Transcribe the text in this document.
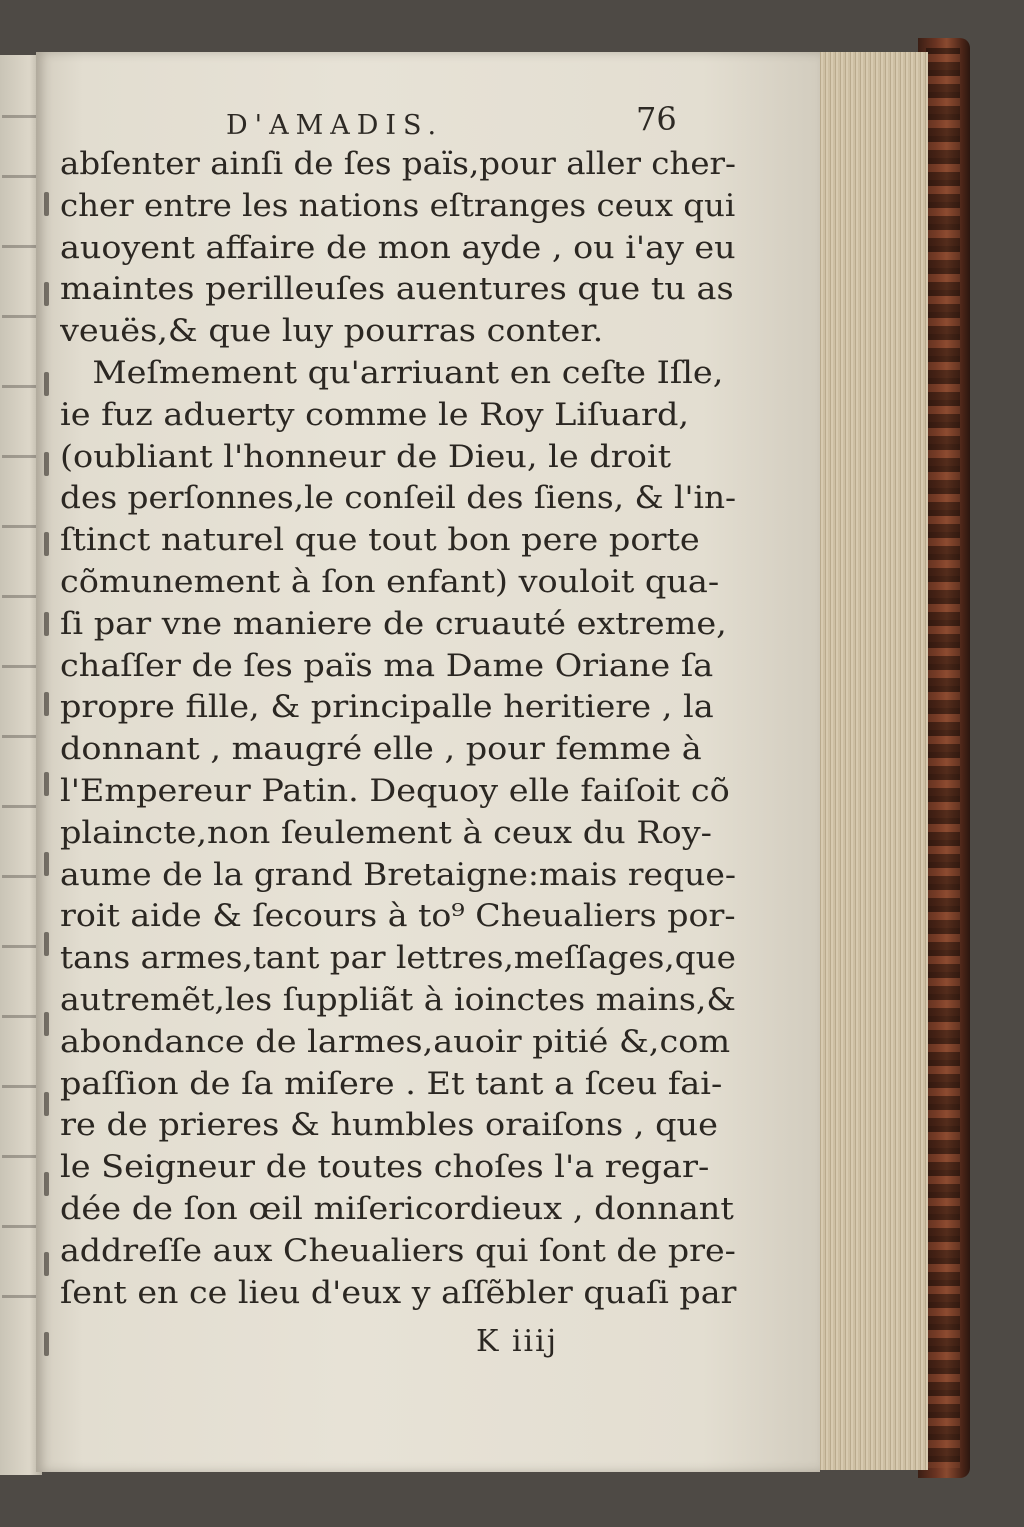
D'AMADIS.	76
abſenter ainſi de ſes païs,pour aller cher-
cher entre les nations eſtranges ceux qui
auoyent affaire de mon ayde , ou i'ay eu
maintes perilleuſes auentures que tu as
veuës,& que luy pourras conter.
Meſmement qu'arriuant en ceſte Iſle,
ie fuz aduerty comme le Roy Liſuard,
(oubliant l'honneur de Dieu, le droit
des perſonnes,le conſeil des ſiens, & l'in-
ſtinct naturel que tout bon pere porte
cõmunement à ſon enfant) vouloit qua-
ſi par vne maniere de cruauté extreme,
chaſſer de ſes païs ma Dame Oriane ſa
propre fille, & principalle heritiere , la
donnant , maugré elle , pour femme à
l'Empereur Patin. Dequoy elle faiſoit cõ
plaincte,non ſeulement à ceux du Roy-
aume de la grand Bretaigne:mais reque-
roit aide & ſecours à to⁹ Cheualiers por-
tans armes,tant par lettres,meſſages,que
autremẽt,les ſuppliãt à ioinctes mains,&
abondance de larmes,auoir pitié &,com
paſſion de ſa miſere . Et tant a ſceu fai-
re de prieres & humbles oraiſons , que
le Seigneur de toutes choſes l'a regar-
dée de ſon œil miſericordieux , donnant
addreſſe aux Cheualiers qui ſont de pre-
ſent en ce lieu d'eux y aſſẽbler quaſi par
K iiij
